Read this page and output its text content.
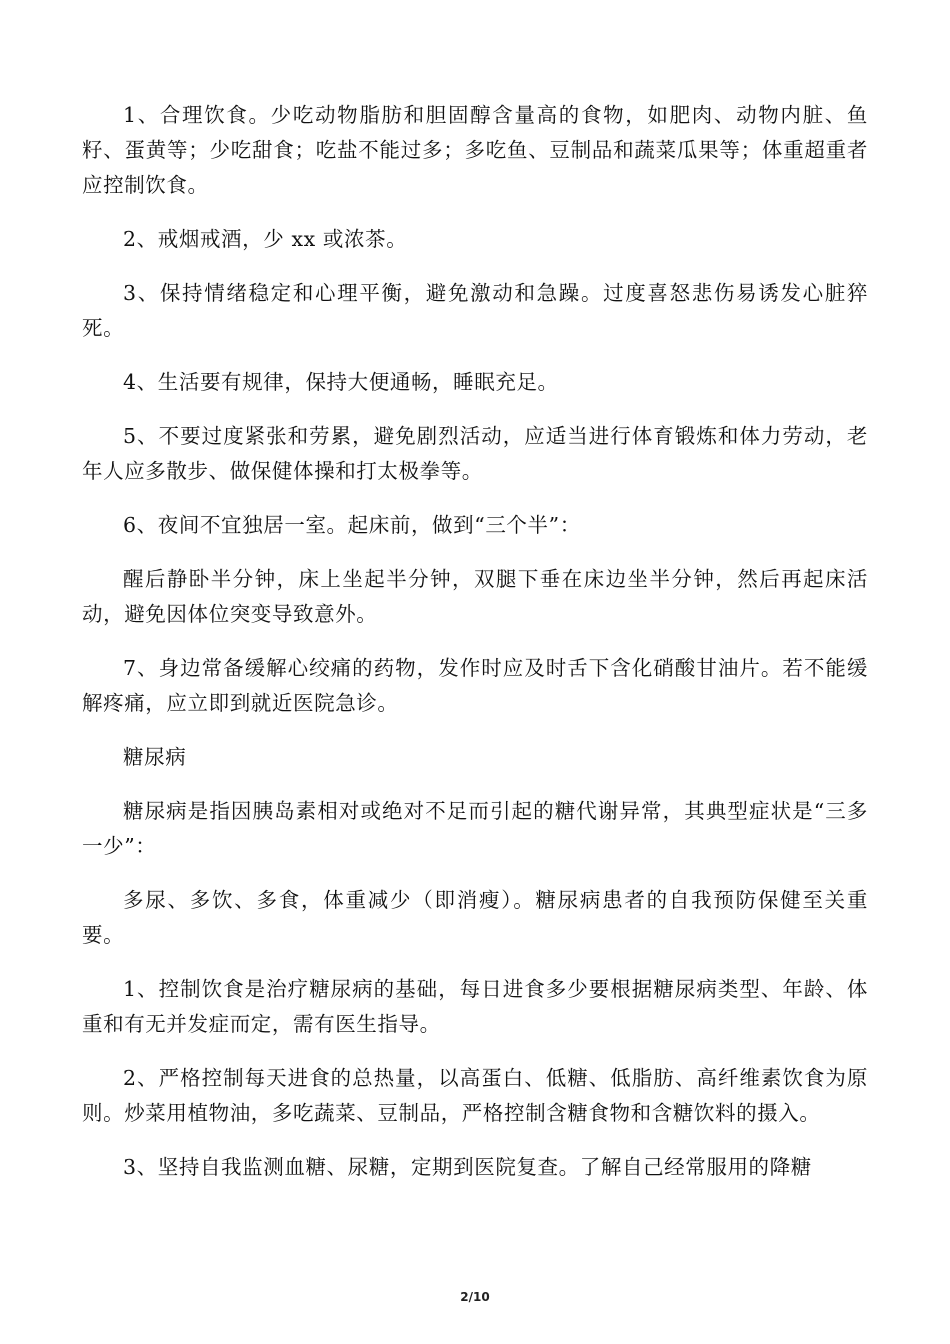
1、合理饮食。少吃动物脂肪和胆固醇含量高的食物，如肥肉、动物内脏、鱼籽、蛋黄等；少吃甜食；吃盐不能过多；多吃鱼、豆制品和蔬菜瓜果等；体重超重者应控制饮食。

2、戒烟戒酒，少 xx 或浓茶。

3、保持情绪稳定和心理平衡，避免激动和急躁。过度喜怒悲伤易诱发心脏猝死。

4、生活要有规律，保持大便通畅，睡眠充足。

5、不要过度紧张和劳累，避免剧烈活动，应适当进行体育锻炼和体力劳动，老年人应多散步、做保健体操和打太极拳等。

6、夜间不宜独居一室。起床前，做到“三个半”：

醒后静卧半分钟，床上坐起半分钟，双腿下垂在床边坐半分钟，然后再起床活动，避免因体位突变导致意外。

7、身边常备缓解心绞痛的药物，发作时应及时舌下含化硝酸甘油片。若不能缓解疼痛，应立即到就近医院急诊。

糖尿病

糖尿病是指因胰岛素相对或绝对不足而引起的糖代谢异常，其典型症状是“三多一少”：

多尿、多饮、多食，体重减少（即消瘦）。糖尿病患者的自我预防保健至关重要。

1、控制饮食是治疗糖尿病的基础，每日进食多少要根据糖尿病类型、年龄、体重和有无并发症而定，需有医生指导。

2、严格控制每天进食的总热量，以高蛋白、低糖、低脂肪、高纤维素饮食为原则。炒菜用植物油，多吃蔬菜、豆制品，严格控制含糖食物和含糖饮料的摄入。

3、坚持自我监测血糖、尿糖，定期到医院复查。了解自己经常服用的降糖

2/10
